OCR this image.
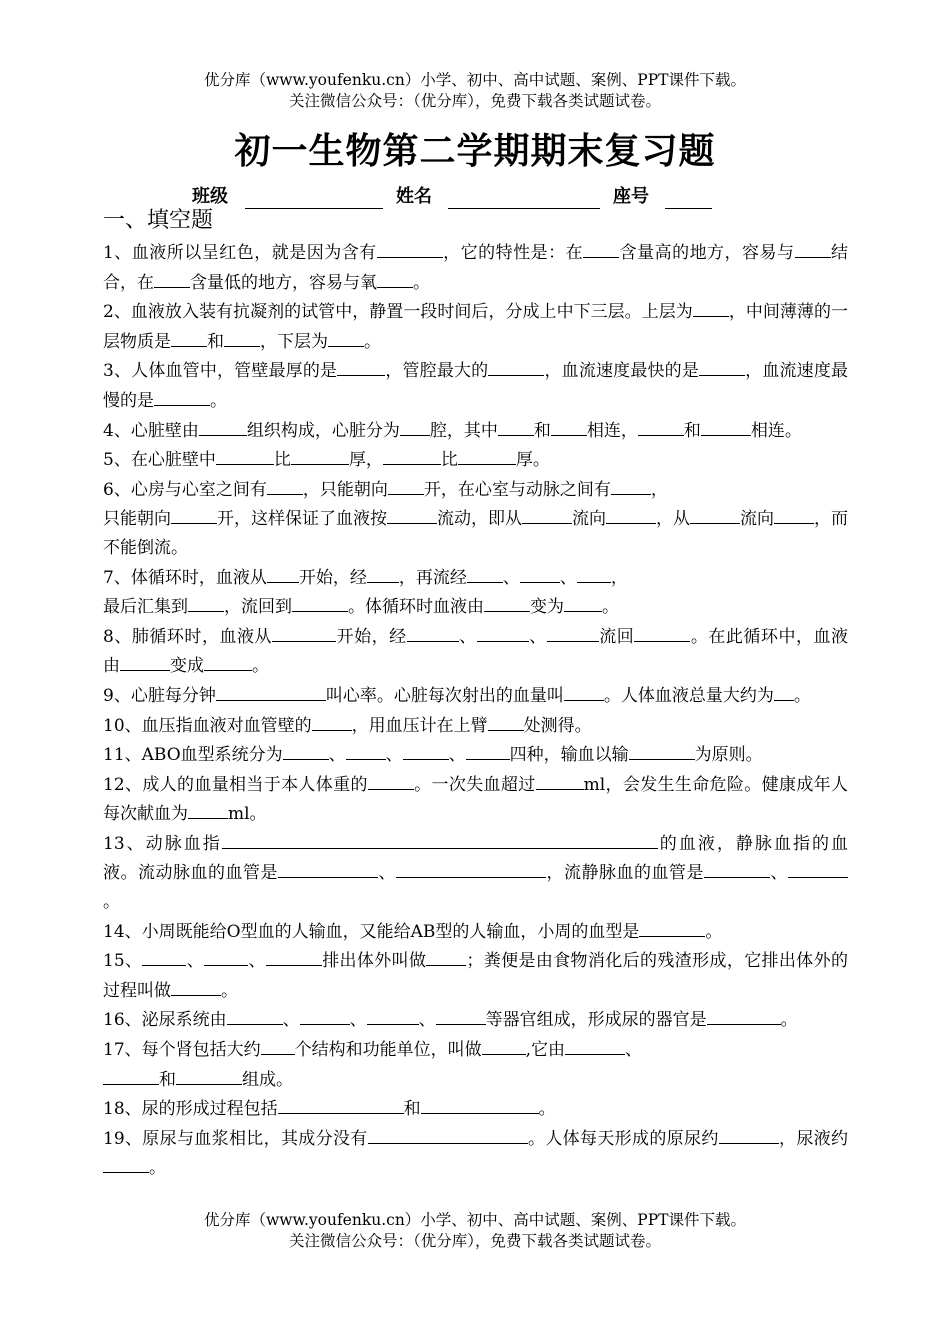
优分库（www.youfenku.cn）小学、初中、高中试题、案例、PPT课件下载。
关注微信公众号：（优分库），免费下载各类试题试卷。
初一生物第二学期期末复习题
班级	姓名	座号
一、填空题
1、血液所以呈红色，就是因为含有	，它的特性是：在 含量高的地方，容易与 结合，在 含量低的地方，容易与氧 。
2、血液放入装有抗凝剂的试管中，静置一段时间后，分成上中下三层。上层为 ，中间薄薄的一层物质是 和 ，下层为 。
3、人体血管中，管壁最厚的是	，管腔最大的	，血流速度最快的是	，血流速度最慢的是	。
4、心脏壁由	组织构成，心脏分为 腔，其中 和 相连，	和	相连。
5、在心脏壁中	比	厚，	比	厚。
6、心房与心室之间有 ，只能朝向 开，在心室与动脉之间有 ，
只能朝向	开，这样保证了血液按	流动，即从	流向	，从	流向 ，而不能倒流。
7、体循环时，血液从 开始，经 ，再流经 、 、 ，
最后汇集到 ，流回到	。体循环时血液由	变为 。
8、肺循环时，血液从	开始，经	、	、	流回	。在此循环中，血液由	变成	。
9、心脏每分钟	叫心率。心脏每次射出的血量叫 。人体血液总量大约为 。
10、血压指血液对血管壁的 ，用血压计在上臂 处测得。
11、ABO血型系统分为	、 、	、	四种，输血以输	为原则。
12、成人的血量相当于本人体重的	。一次失血超过	ml，会发生生命危险。健康成年人每次献血为 ml。
13、动脉血指	的血液，静脉血指的血液。流动脉血的血管是	、	，流静脉血的血管是	、。
14、小周既能给O型血的人输血，又能给AB型的人输血，小周的血型是	。
15、	、	、	排出体外叫做 ；粪便是由食物消化后的残渣形成，它排出体外的过程叫做	。
16、泌尿系统由	、	、	、	等器官组成，形成尿的器官是	。
17、每个肾包括大约 个结构和功能单位，叫做	,它由	、
和	组成。
18、尿的形成过程包括	和	。
19、原尿与血浆相比，其成分没有	。人体每天形成的原尿约	，尿液约。
优分库（www.youfenku.cn）小学、初中、高中试题、案例、PPT课件下载。
关注微信公众号：（优分库），免费下载各类试题试卷。
